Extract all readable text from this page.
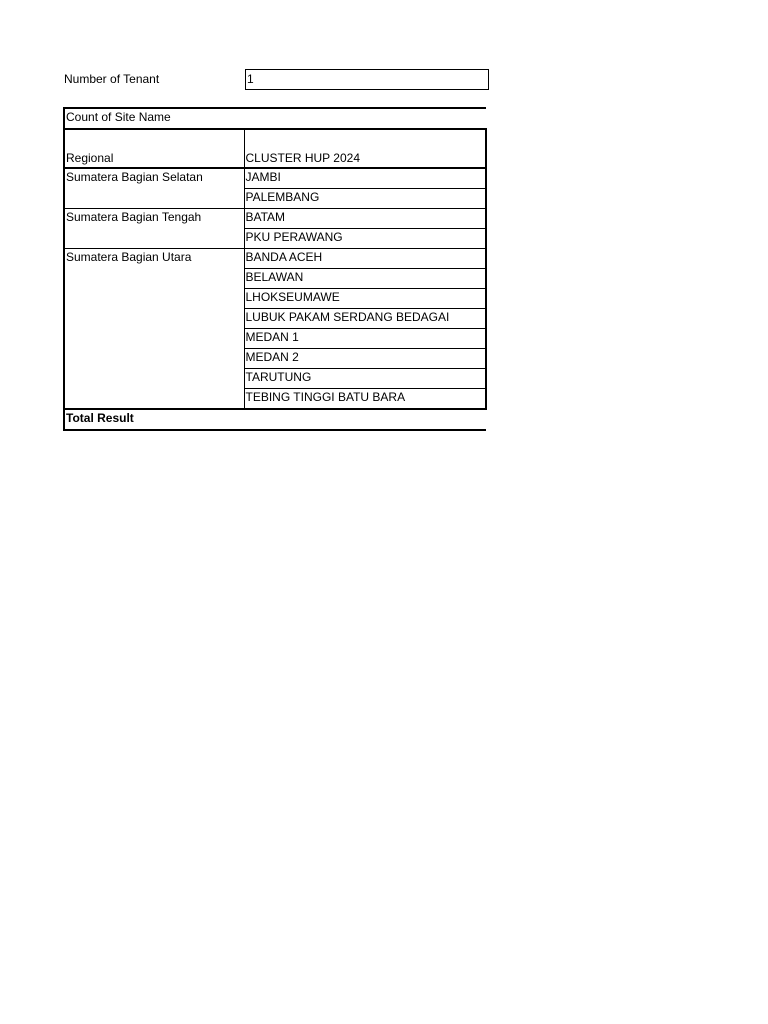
Number of Tenant	1
Count of Site Name	
Regional	CLUSTER HUP 2024
Sumatera Bagian Selatan	JAMBI
	PALEMBANG
Sumatera Bagian Tengah	BATAM
	PKU PERAWANG
Sumatera Bagian Utara	BANDA ACEH
	BELAWAN
	LHOKSEUMAWE
	LUBUK PAKAM SERDANG BEDAGAI
	MEDAN 1
	MEDAN 2
	TARUTUNG
	TEBING TINGGI BATU BARA
Total Result	
